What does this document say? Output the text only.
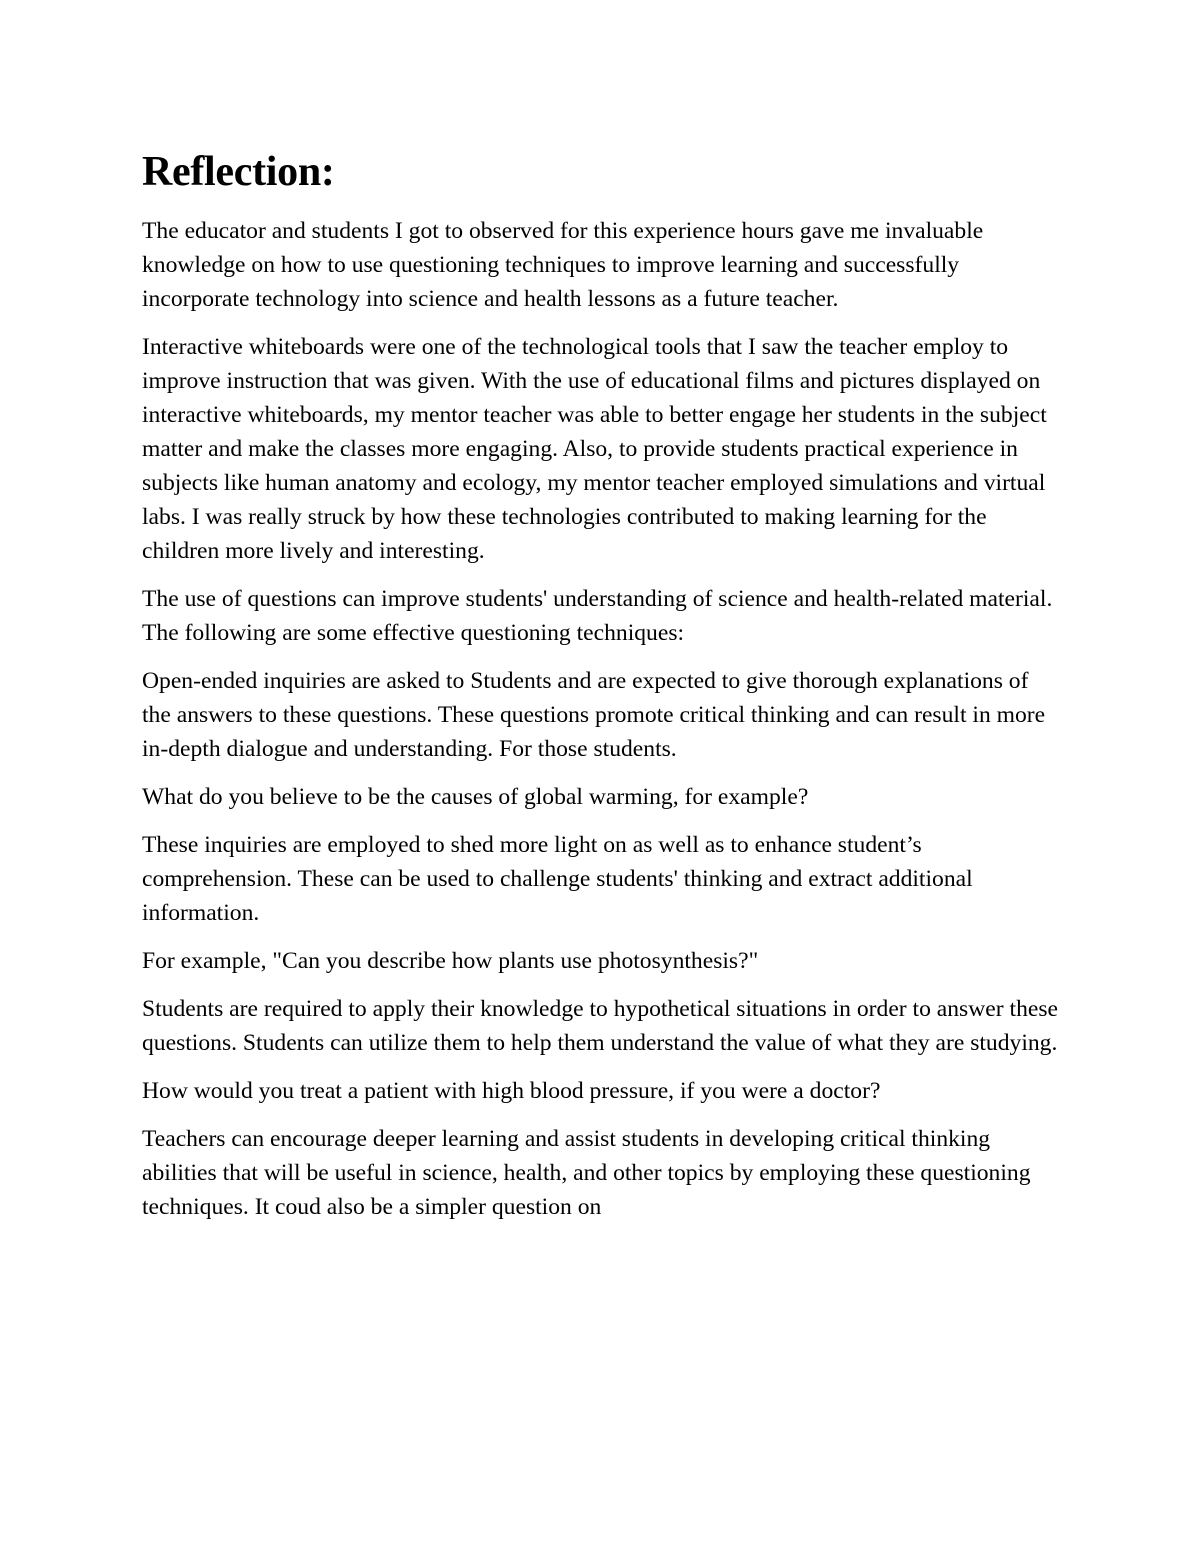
Reflection:

The educator and students I got to observed for this experience hours gave me invaluable knowledge on how to use questioning techniques to improve learning and successfully incorporate technology into science and health lessons as a future teacher.

Interactive whiteboards were one of the technological tools that I saw the teacher employ to improve instruction that was given. With the use of educational films and pictures displayed on interactive whiteboards, my mentor teacher was able to better engage her students in the subject matter and make the classes more engaging. Also, to provide students practical experience in subjects like human anatomy and ecology, my mentor teacher employed simulations and virtual labs. I was really struck by how these technologies contributed to making learning for the children more lively and interesting.

The use of questions can improve students' understanding of science and health-related material. The following are some effective questioning techniques:

Open-ended inquiries are asked to Students and are expected to give thorough explanations of the answers to these questions. These questions promote critical thinking and can result in more in-depth dialogue and understanding. For those students.

What do you believe to be the causes of global warming, for example?

These inquiries are employed to shed more light on as well as to enhance student’s comprehension. These can be used to challenge students' thinking and extract additional information.

For example, "Can you describe how plants use photosynthesis?"

Students are required to apply their knowledge to hypothetical situations in order to answer these questions. Students can utilize them to help them understand the value of what they are studying.

How would you treat a patient with high blood pressure, if you were a doctor?

Teachers can encourage deeper learning and assist students in developing critical thinking abilities that will be useful in science, health, and other topics by employing these questioning techniques. It coud also be a simpler question on
